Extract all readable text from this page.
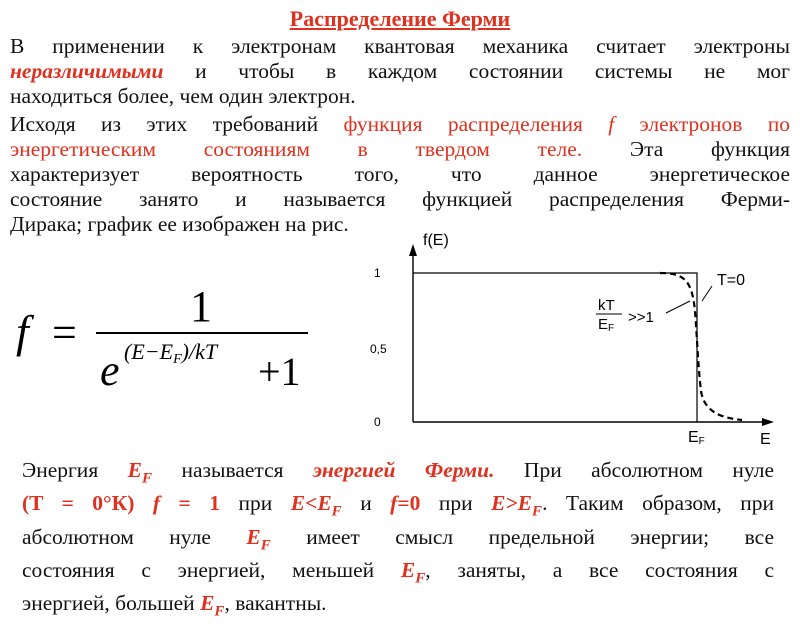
Распределение Ферми
В применении к электронам квантовая механика считает электроны
неразличимыми и чтобы в каждом состоянии системы не мог
находиться более, чем один электрон.
Исходя из этих требований функция распределения f электронов по
энергетическим состояниям в твердом теле. Эта функция
характеризует вероятность того, что данное энергетическое
состояние занято и называется функцией распределения Ферми-
Дирака; график ее изображен на рис.
f =
1
e (E−EF)/kT +1
f(E)
E
1
0,5
0
T=0
kT
EF
>>1
EF
Энергия $E_F$ называется энергией Ферми. При абсолютном нуле
(T = 0°К) f = 1 при $E<E_F$ и f=0 при $E>E_F$. Таким образом, при
абсолютном нуле $E_F$ имеет смысл предельной энергии; все
состояния с энергией, меньшей $E_F$, заняты, а все состояния с
энергией, большей $E_F$, вакантны.
